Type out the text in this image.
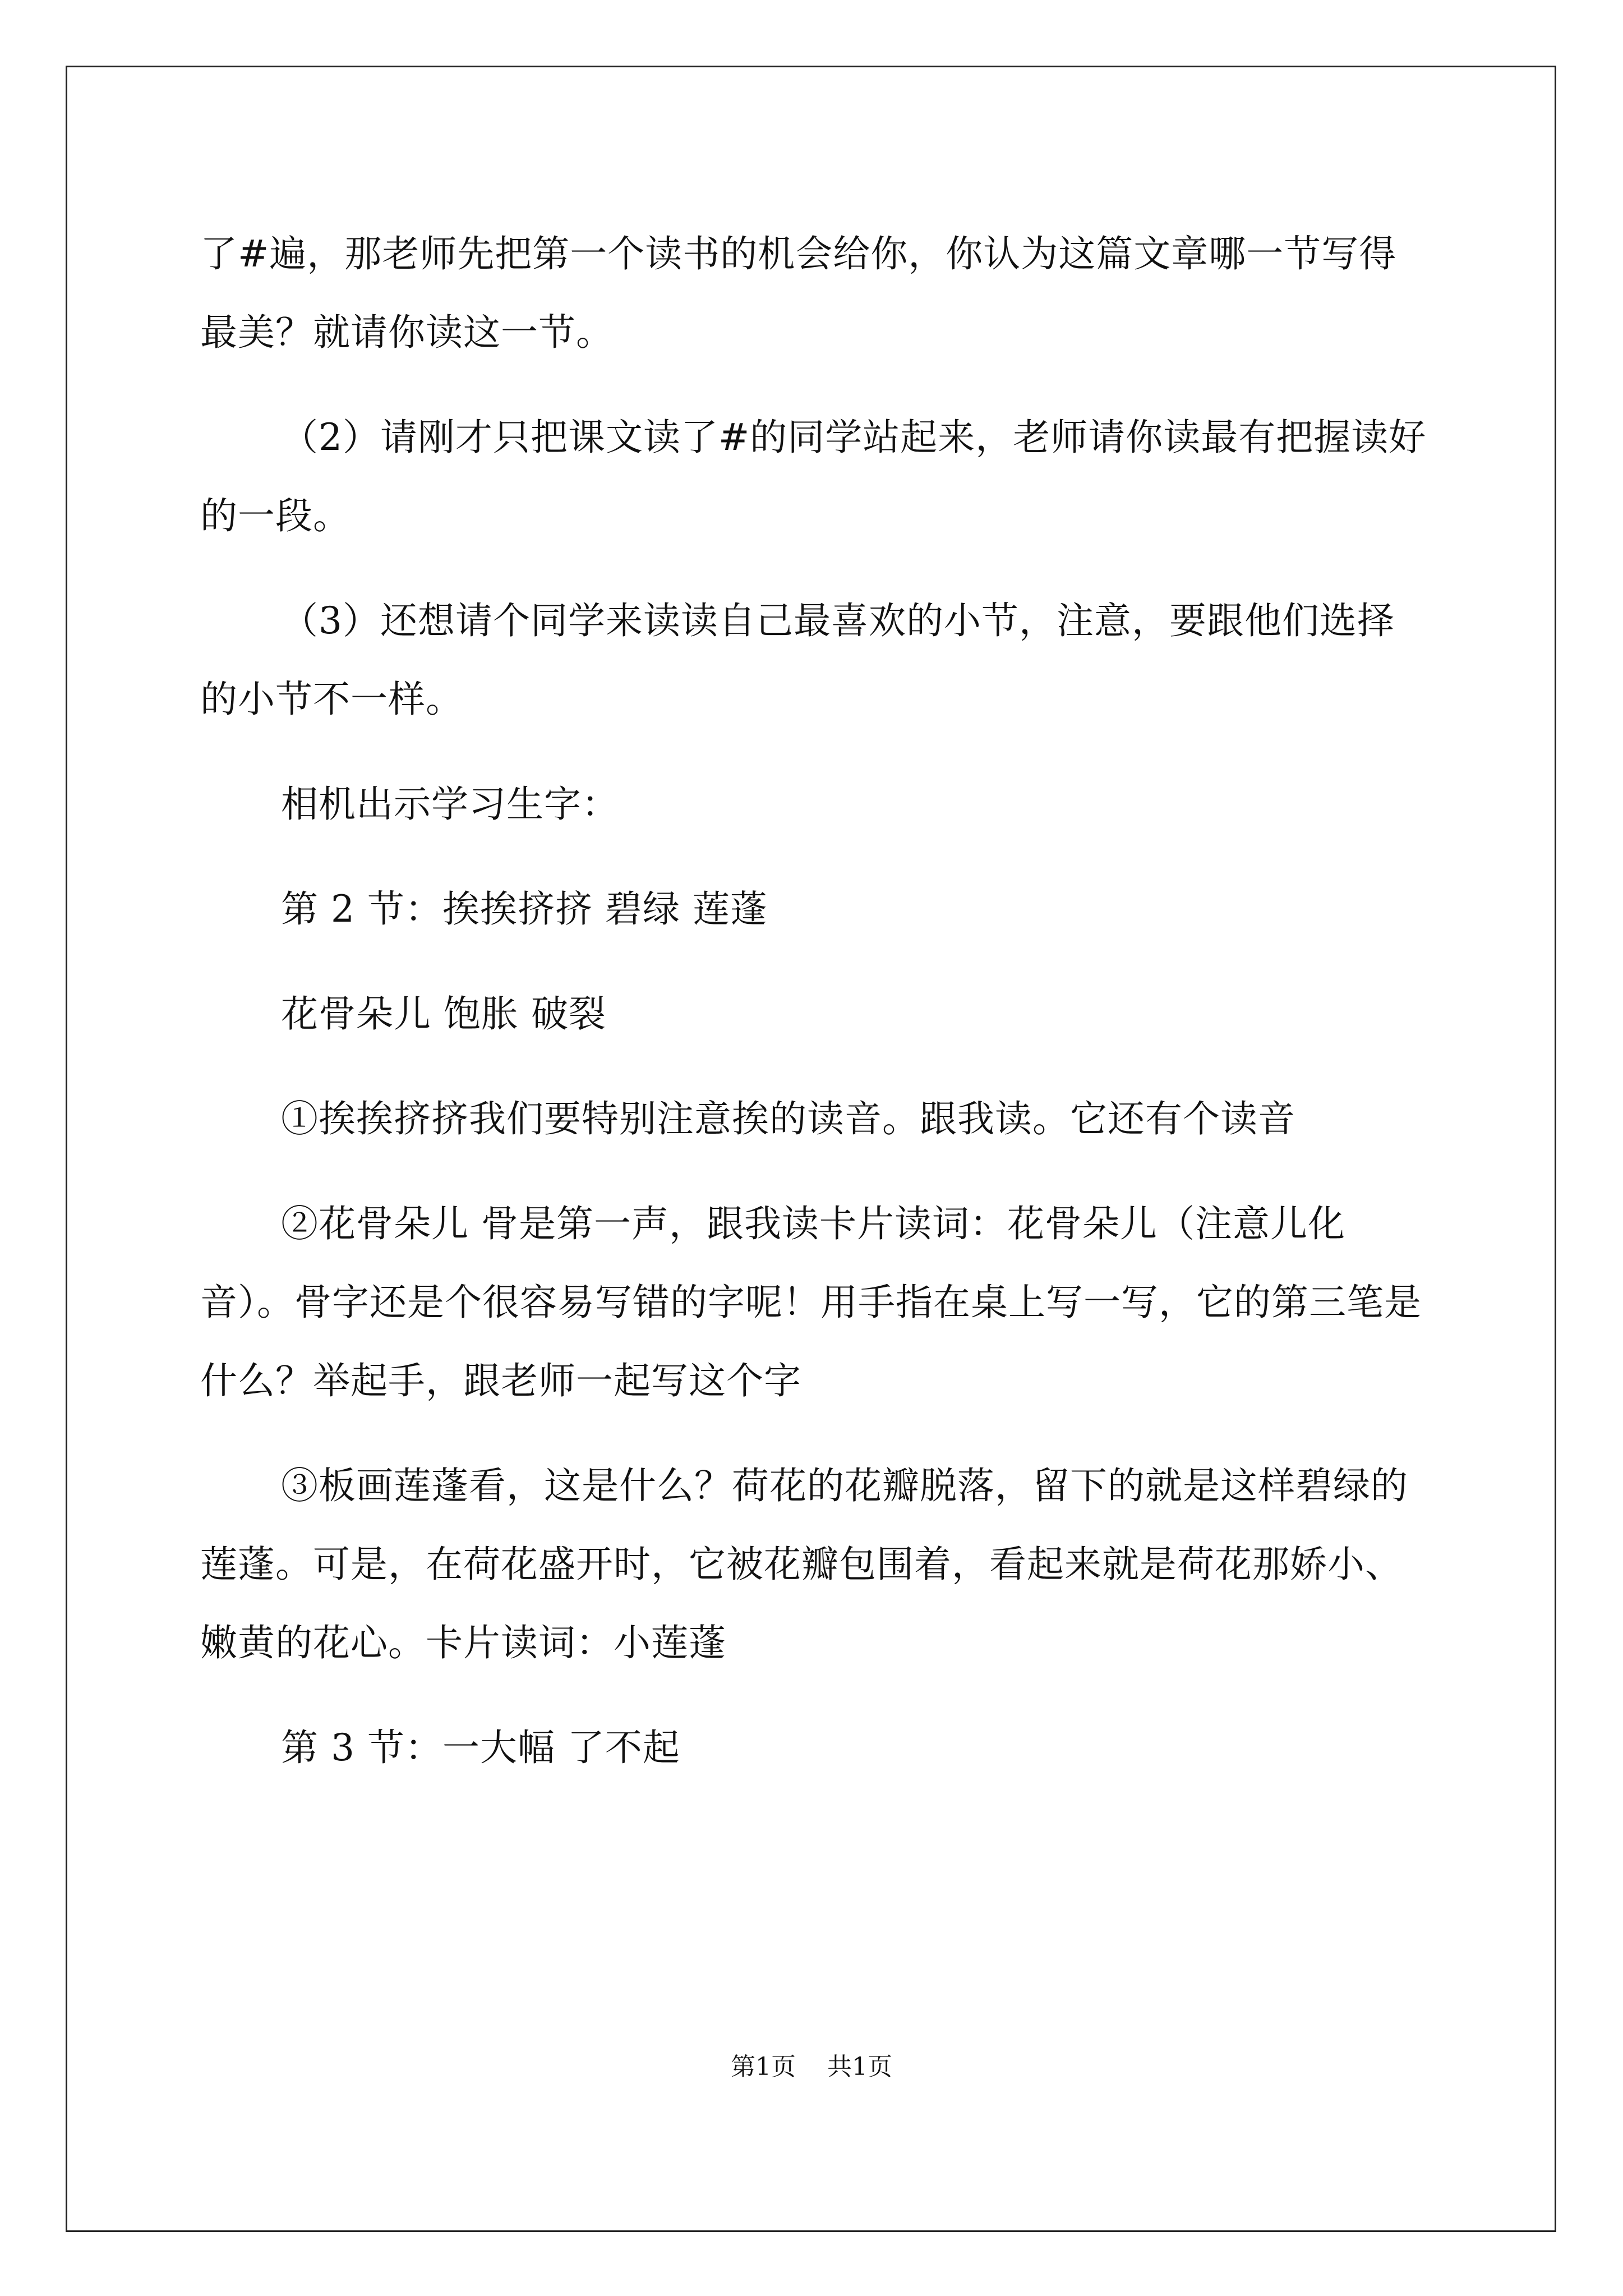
了#遍，那老师先把第一个读书的机会给你，你认为这篇文章哪一节写得最美？就请你读这一节。

（2）请刚才只把课文读了#的同学站起来，老师请你读最有把握读好的一段。

（3）还想请个同学来读读自己最喜欢的小节，注意，要跟他们选择的小节不一样。

相机出示学习生字：

第 2 节：挨挨挤挤 碧绿 莲蓬

花骨朵儿 饱胀 破裂

①挨挨挤挤我们要特别注意挨的读音。跟我读。它还有个读音

②花骨朵儿 骨是第一声，跟我读卡片读词：花骨朵儿（注意儿化音）。骨字还是个很容易写错的字呢！用手指在桌上写一写，它的第三笔是什么？举起手，跟老师一起写这个字

③板画莲蓬看，这是什么？荷花的花瓣脱落，留下的就是这样碧绿的莲蓬。可是，在荷花盛开时，它被花瓣包围着，看起来就是荷花那娇小、嫩黄的花心。卡片读词：小莲蓬

第 3 节：一大幅 了不起

第1页 共1页
